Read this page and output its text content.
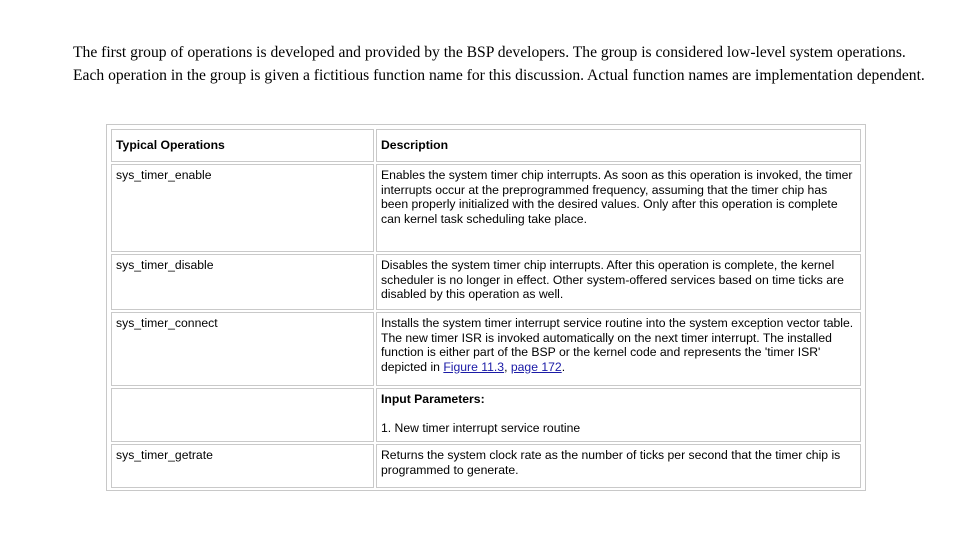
The first group of operations is developed and provided by the BSP developers. The group is considered low-level system operations. Each operation in the group is given a fictitious function name for this discussion. Actual function names are implementation dependent.

Typical Operations	Description
sys_timer_enable	Enables the system timer chip interrupts. As soon as this operation is invoked, the timer interrupts occur at the preprogrammed frequency, assuming that the timer chip has been properly initialized with the desired values. Only after this operation is complete can kernel task scheduling take place.
sys_timer_disable	Disables the system timer chip interrupts. After this operation is complete, the kernel scheduler is no longer in effect. Other system-offered services based on time ticks are disabled by this operation as well.
sys_timer_connect	Installs the system timer interrupt service routine into the system exception vector table. The new timer ISR is invoked automatically on the next timer interrupt. The installed function is either part of the BSP or the kernel code and represents the 'timer ISR' depicted in Figure 11.3, page 172.

	Input Parameters:

1. New timer interrupt service routine

sys_timer_getrate	Returns the system clock rate as the number of ticks per second that the timer chip is programmed to generate.
